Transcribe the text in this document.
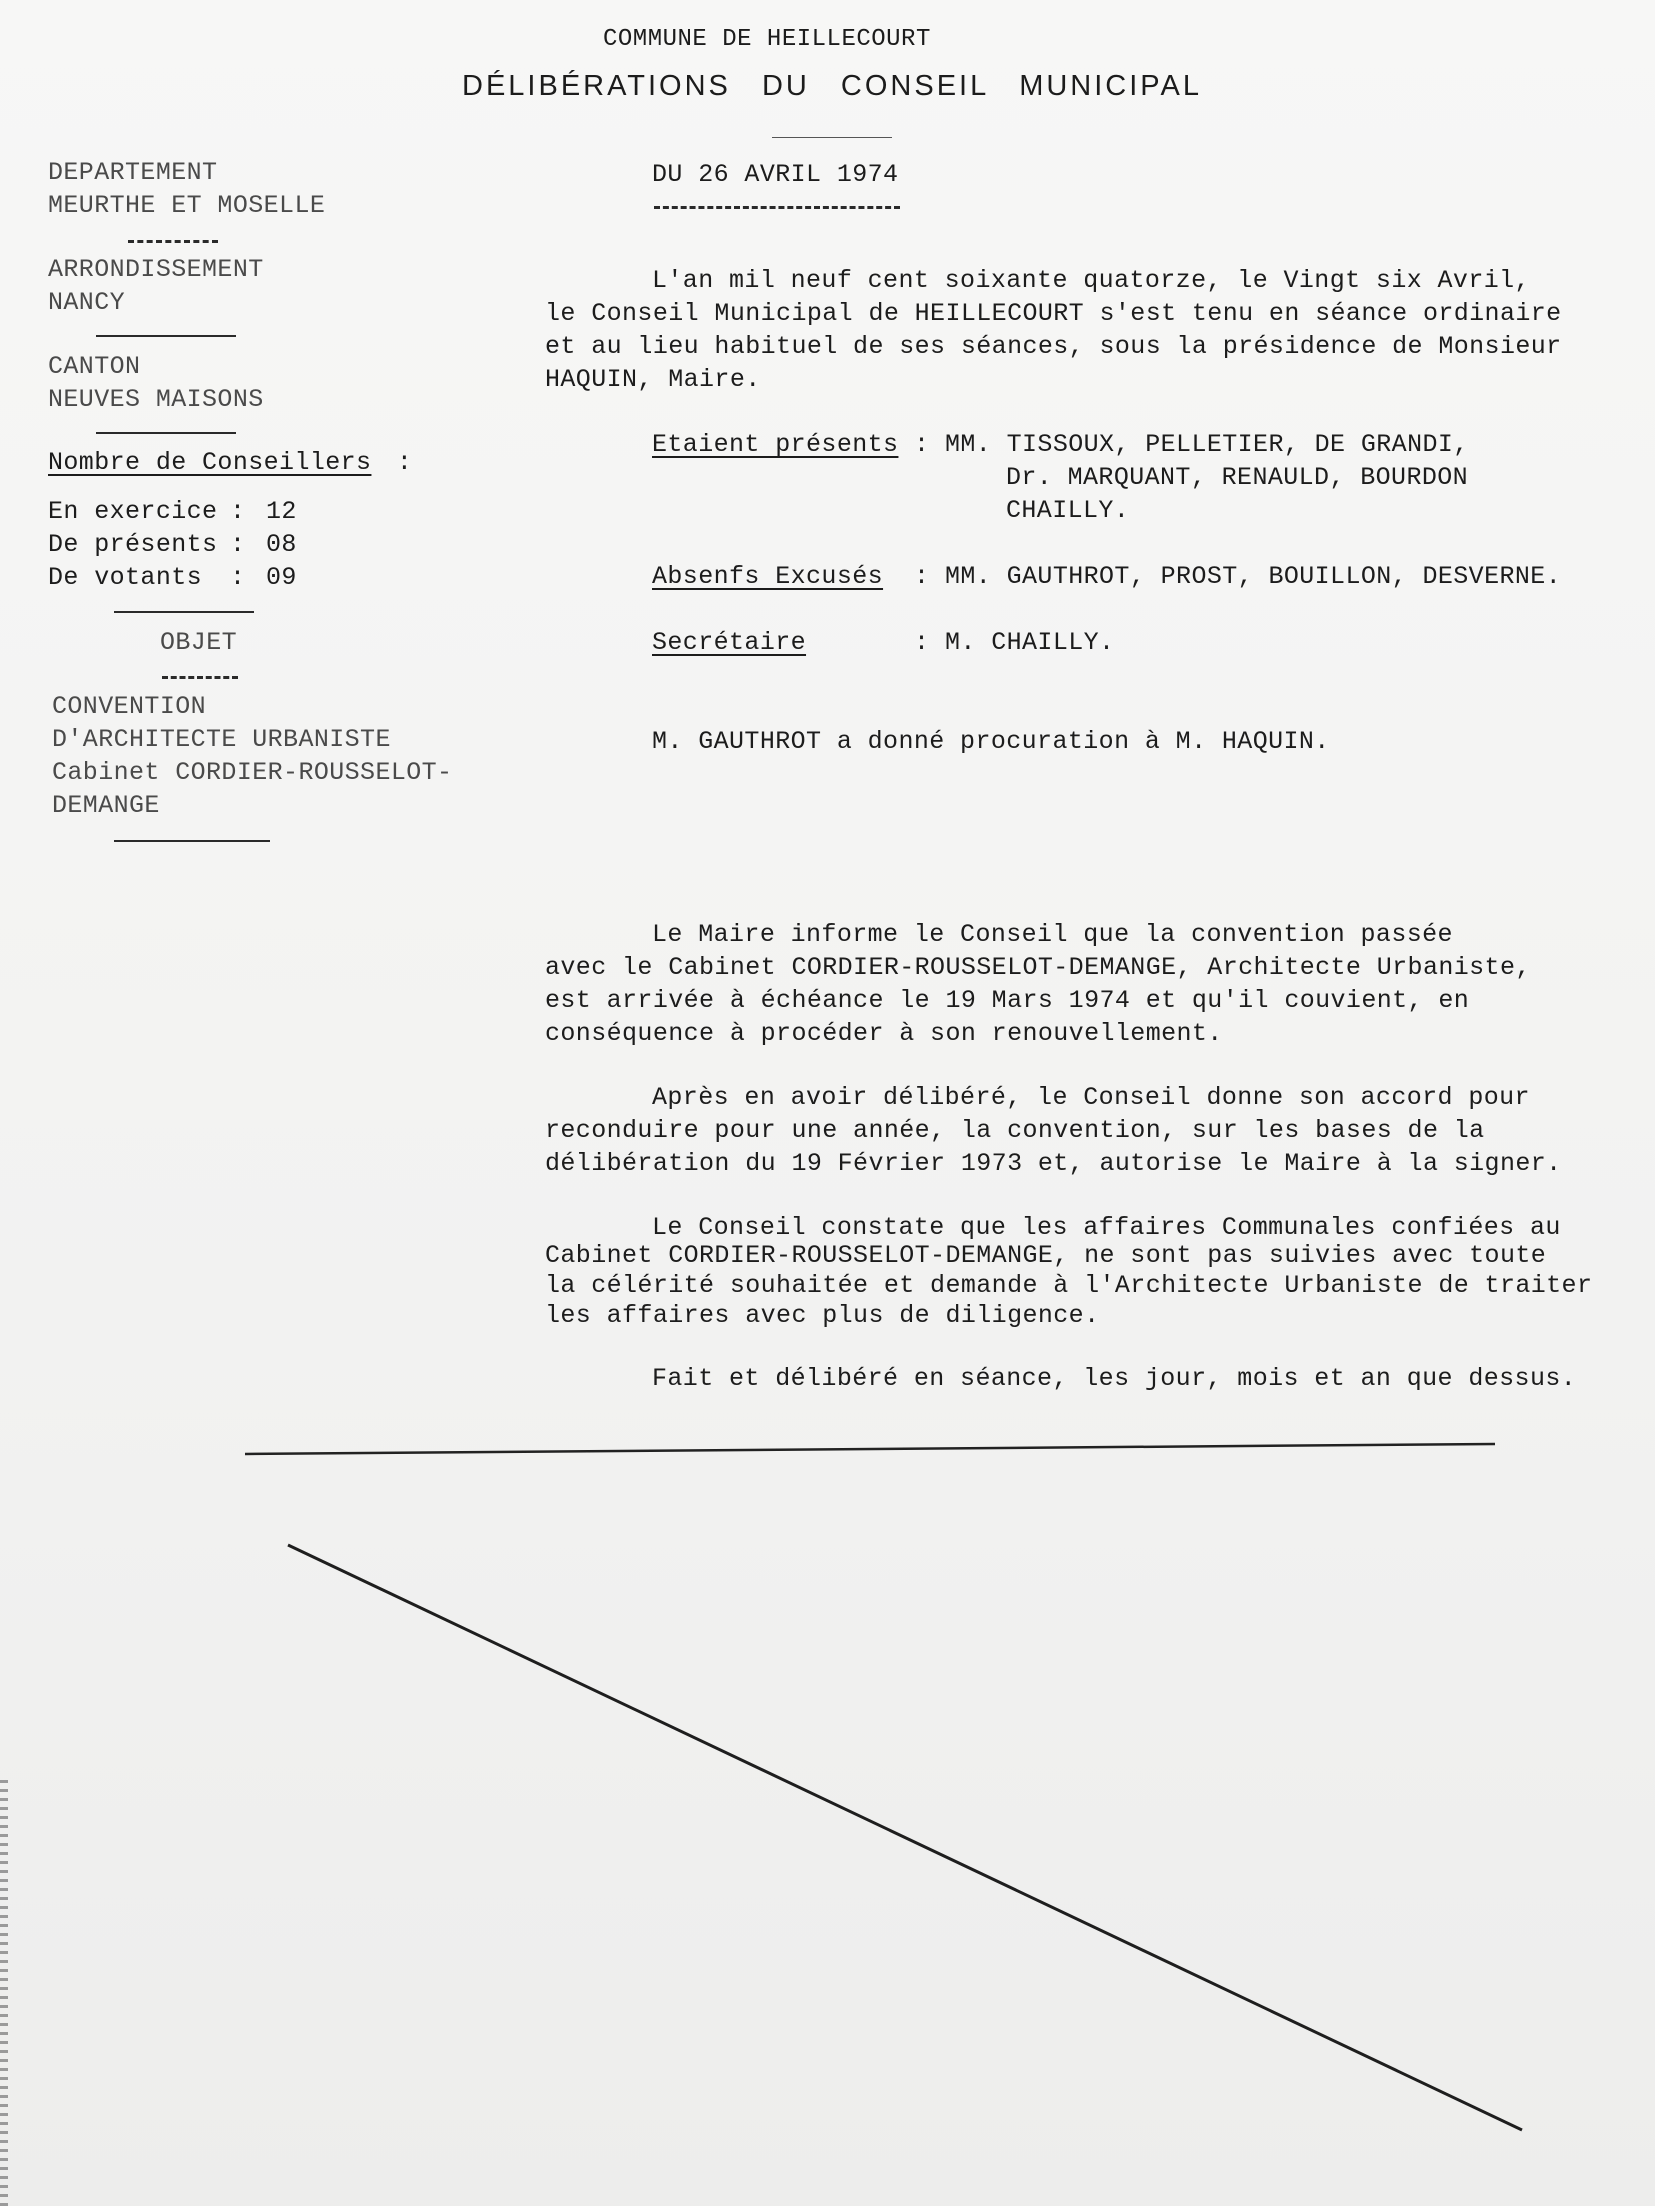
COMMUNE DE HEILLECOURT
DÉLIBÉRATIONS DU CONSEIL MUNICIPAL
DEPARTEMENT
MEURTHE ET MOSELLE
ARRONDISSEMENT
NANCY
CANTON
NEUVES MAISONS
Nombre de Conseillers :
En exercice : 12
De présents : 08
De votants : 09
OBJET
CONVENTION
D'ARCHITECTE URBANISTE
Cabinet CORDIER-ROUSSELOT-
DEMANGE
DU 26 AVRIL 1974
L'an mil neuf cent soixante quatorze, le Vingt six Avril,
le Conseil Municipal de HEILLECOURT s'est tenu en séance ordinaire
et au lieu habituel de ses séances, sous la présidence de Monsieur
HAQUIN, Maire.
Etaient présents : MM. TISSOUX, PELLETIER, DE GRANDI,
Dr. MARQUANT, RENAULD, BOURDON
CHAILLY.
Absenfs Excusés : MM. GAUTHROT, PROST, BOUILLON, DESVERNE.
Secrétaire	: M. CHAILLY.
M. GAUTHROT a donné procuration à M. HAQUIN.
Le Maire informe le Conseil que la convention passée
avec le Cabinet CORDIER-ROUSSELOT-DEMANGE, Architecte Urbaniste,
est arrivée à échéance le 19 Mars 1974 et qu'il couvient, en
conséquence à procéder à son renouvellement.
Après en avoir délibéré, le Conseil donne son accord pour
reconduire pour une année, la convention, sur les bases de la
délibération du 19 Février 1973 et, autorise le Maire à la signer.
Le Conseil constate que les affaires Communales confiées au
Cabinet CORDIER-ROUSSELOT-DEMANGE, ne sont pas suivies avec toute
la célérité souhaitée et demande à l'Architecte Urbaniste de traiter
les affaires avec plus de diligence.
Fait et délibéré en séance, les jour, mois et an que dessus.
